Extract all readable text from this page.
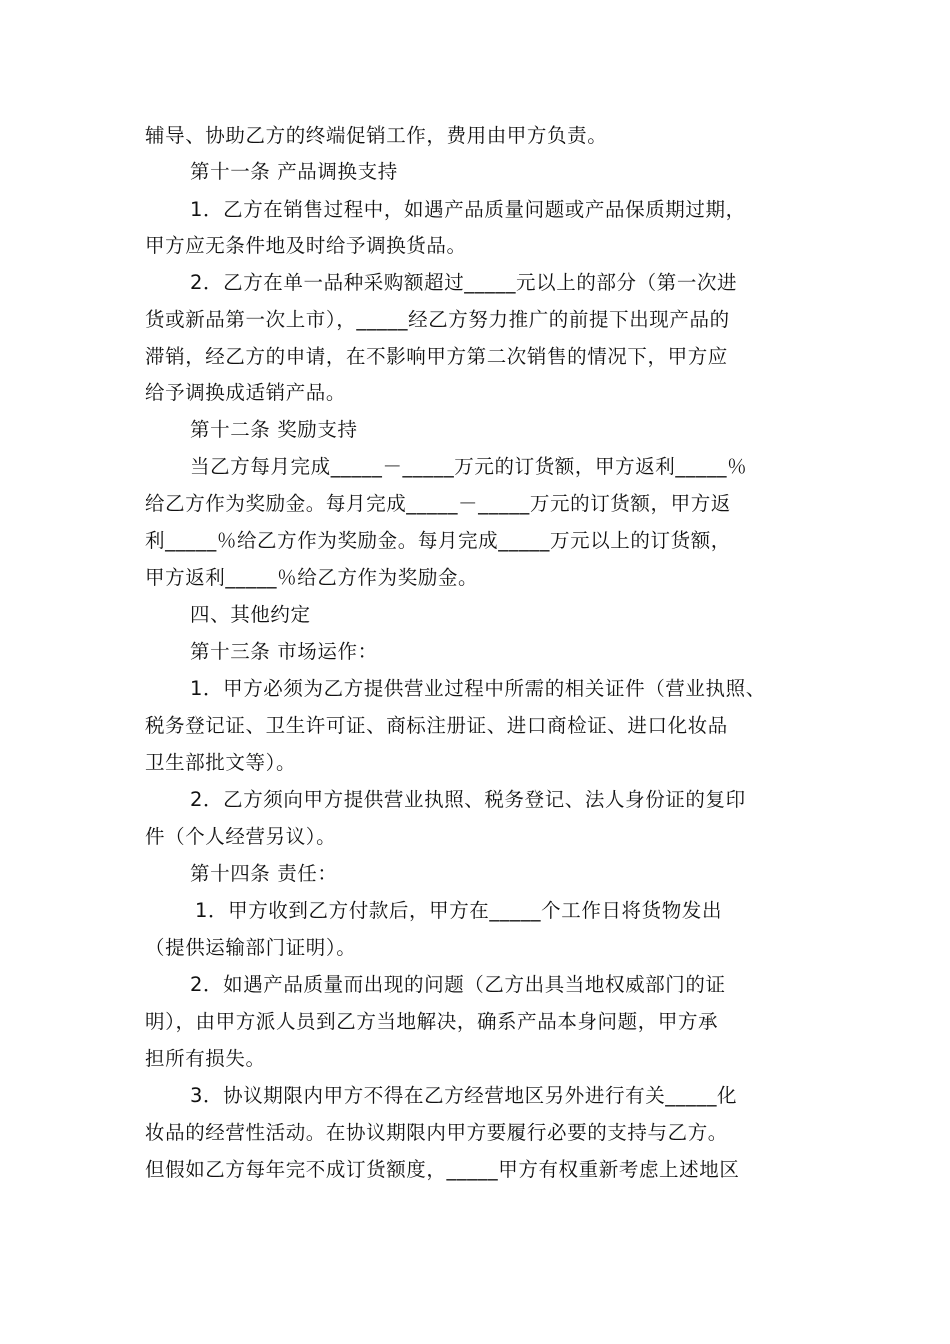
辅导、协助乙方的终端促销工作，费用由甲方负责。
第十一条 产品调换支持
1．乙方在销售过程中，如遇产品质量问题或产品保质期过期，
甲方应无条件地及时给予调换货品。
2．乙方在单一品种采购额超过_____元以上的部分（第一次进
货或新品第一次上市），_____经乙方努力推广的前提下出现产品的
滞销，经乙方的申请，在不影响甲方第二次销售的情况下，甲方应
给予调换成适销产品。
第十二条 奖励支持
当乙方每月完成_____－_____万元的订货额，甲方返利_____％
给乙方作为奖励金。每月完成_____－_____万元的订货额，甲方返
利_____％给乙方作为奖励金。每月完成_____万元以上的订货额，
甲方返利_____％给乙方作为奖励金。
四、其他约定
第十三条 市场运作：
1．甲方必须为乙方提供营业过程中所需的相关证件（营业执照、
税务登记证、卫生许可证、商标注册证、进口商检证、进口化妆品
卫生部批文等）。
2．乙方须向甲方提供营业执照、税务登记、法人身份证的复印
件（个人经营另议）。
第十四条 责任：
1．甲方收到乙方付款后，甲方在_____个工作日将货物发出
（提供运输部门证明）。
2．如遇产品质量而出现的问题（乙方出具当地权威部门的证
明），由甲方派人员到乙方当地解决，确系产品本身问题，甲方承
担所有损失。
3．协议期限内甲方不得在乙方经营地区另外进行有关_____化
妆品的经营性活动。在协议期限内甲方要履行必要的支持与乙方。
但假如乙方每年完不成订货额度，_____甲方有权重新考虑上述地区
